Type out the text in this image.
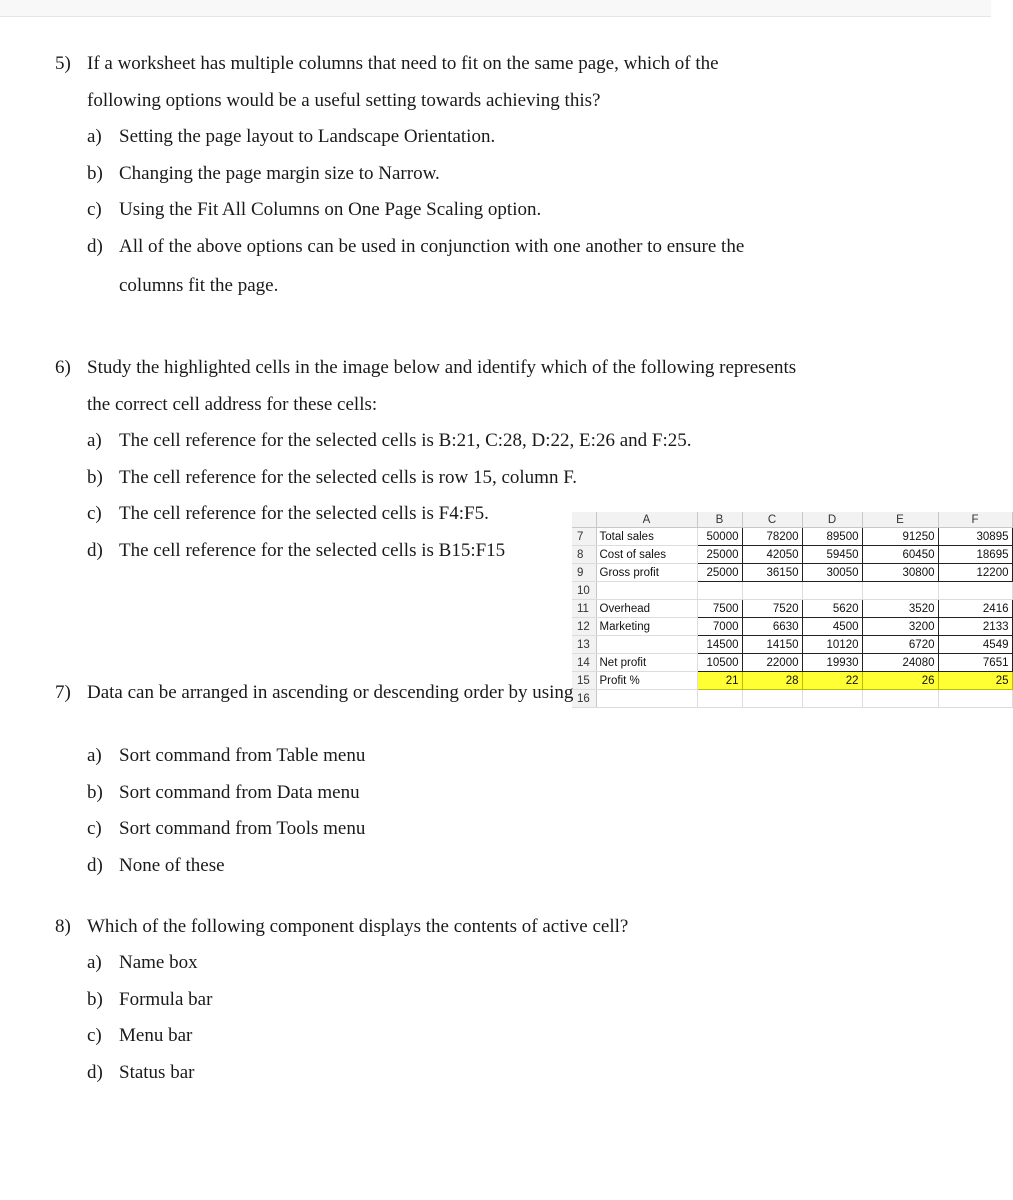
5) If a worksheet has multiple columns that need to fit on the same page, which of the
following options would be a useful setting towards achieving this?
a) Setting the page layout to Landscape Orientation.
b) Changing the page margin size to Narrow.
c) Using the Fit All Columns on One Page Scaling option.
d) All of the above options can be used in conjunction with one another to ensure the
columns fit the page.
6) Study the highlighted cells in the image below and identify which of the following represents
the correct cell address for these cells:
a) The cell reference for the selected cells is B:21, C:28, D:22, E:26 and F:25.
b) The cell reference for the selected cells is row 15, column F.
c) The cell reference for the selected cells is F4:F5.
d) The cell reference for the selected cells is B15:F15
	A	B	C	D	E	F
7	Total sales	50000	78200	89500	91250	30895
8	Cost of sales	25000	42050	59450	60450	18695
9	Gross profit	25000	36150	30050	30800	12200
10						
11	Overhead	7500	7520	5620	3520	2416
12	Marketing	7000	6630	4500	3200	2133
13		14500	14150	10120	6720	4549
14	Net profit	10500	22000	19930	24080	7651
15	Profit %	21	28	22	26	25
16						
7) Data can be arranged in ascending or descending order by using
a) Sort command from Table menu
b) Sort command from Data menu
c) Sort command from Tools menu
d) None of these
8) Which of the following component displays the contents of active cell?
a) Name box
b) Formula bar
c) Menu bar
d) Status bar
